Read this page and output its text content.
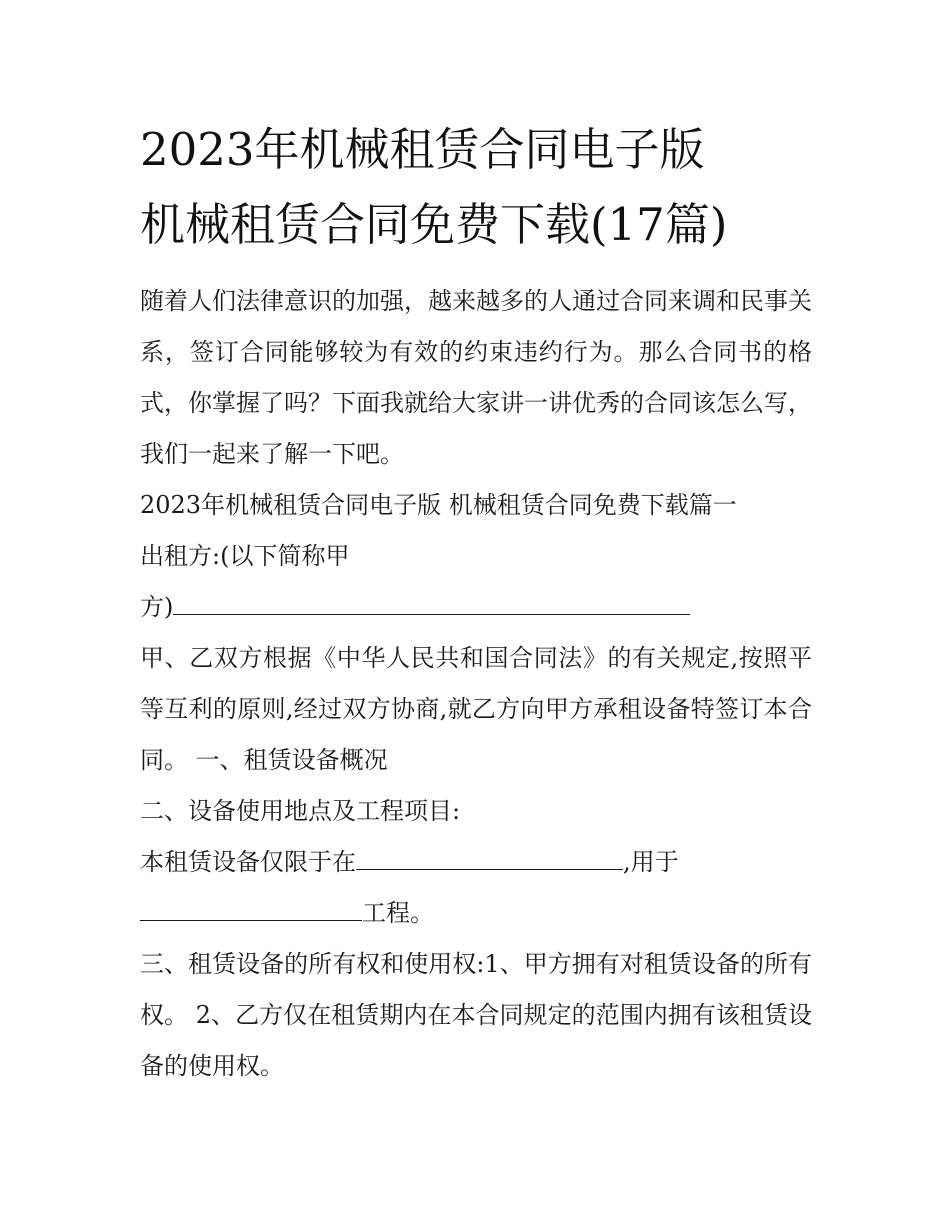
2023年机械租赁合同电子版
机械租赁合同免费下载(17篇)

随着人们法律意识的加强，越来越多的人通过合同来调和民事关系，签订合同能够较为有效的约束违约行为。那么合同书的格式，你掌握了吗？下面我就给大家讲一讲优秀的合同该怎么写，我们一起来了解一下吧。

2023年机械租赁合同电子版 机械租赁合同免费下载篇一

出租方:(以下简称甲

方)

甲、乙双方根据《中华人民共和国合同法》的有关规定,按照平等互利的原则,经过双方协商,就乙方向甲方承租设备特签订本合同。 一、租赁设备概况

二、设备使用地点及工程项目:

本租赁设备仅限于在	,用于

工程。

三、租赁设备的所有权和使用权:1、甲方拥有对租赁设备的所有权。 2、乙方仅在租赁期内在本合同规定的范围内拥有该租赁设备的使用权。
